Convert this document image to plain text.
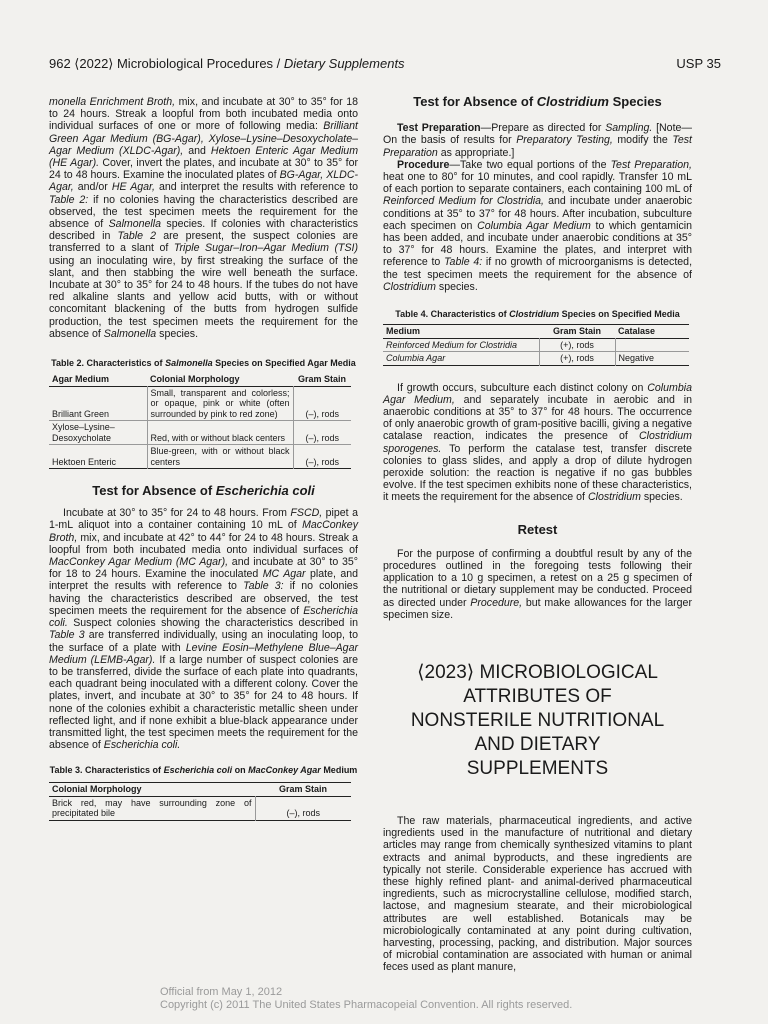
962 ⟨2022⟩ Microbiological Procedures / Dietary Supplements	USP 35

monella Enrichment Broth, mix, and incubate at 30° to 35° for 18 to 24 hours. Streak a loopful from both incubated media onto individual surfaces of one or more of following media: Brilliant Green Agar Medium (BG-Agar), Xylose–Lysine–Desoxycholate–Agar Medium (XLDC-Agar), and Hektoen Enteric Agar Medium (HE Agar). Cover, invert the plates, and incubate at 30° to 35° for 24 to 48 hours. Examine the inoculated plates of BG-Agar, XLDC-Agar, and/or HE Agar, and interpret the results with reference to Table 2: if no colonies having the characteristics described are observed, the test specimen meets the requirement for the absence of Salmonella species. If colonies with characteristics described in Table 2 are present, the suspect colonies are transferred to a slant of Triple Sugar–Iron–Agar Medium (TSI) using an inoculating wire, by first streaking the surface of the slant, and then stabbing the wire well beneath the surface. Incubate at 30° to 35° for 24 to 48 hours. If the tubes do not have red alkaline slants and yellow acid butts, with or without concomitant blackening of the butts from hydrogen sulfide production, the test specimen meets the requirement for the absence of Salmonella species.

Table 2. Characteristics of Salmonella Species on Specified Agar Media
Agar Medium	Colonial Morphology	Gram Stain
Brilliant Green	Small, transparent and colorless; or opaque, pink or white (often surrounded by pink to red zone)	(–), rods
Xylose–Lysine–Desoxycholate	Red, with or without black centers	(–), rods
Hektoen Enteric	Blue-green, with or without black centers	(–), rods
Test for Absence of Escherichia coli

Incubate at 30° to 35° for 24 to 48 hours. From FSCD, pipet a 1-mL aliquot into a container containing 10 mL of MacConkey Broth, mix, and incubate at 42° to 44° for 24 to 48 hours. Streak a loopful from both incubated media onto individual surfaces of MacConkey Agar Medium (MC Agar), and incubate at 30° to 35° for 18 to 24 hours. Examine the inoculated MC Agar plate, and interpret the results with reference to Table 3: if no colonies having the characteristics described are observed, the test specimen meets the requirement for the absence of Escherichia coli. Suspect colonies showing the characteristics described in Table 3 are transferred individually, using an inoculating loop, to the surface of a plate with Levine Eosin–Methylene Blue–Agar Medium (LEMB-Agar). If a large number of suspect colonies are to be transferred, divide the surface of each plate into quadrants, each quadrant being inoculated with a different colony. Cover the plates, invert, and incubate at 30° to 35° for 24 to 48 hours. If none of the colonies exhibit a characteristic metallic sheen under reflected light, and if none exhibit a blue-black appearance under transmitted light, the test specimen meets the requirement for the absence of Escherichia coli.

Table 3. Characteristics of Escherichia coli on MacConkey Agar Medium
Colonial Morphology	Gram Stain
Brick red, may have surrounding zone of precipitated bile	(–), rods
Test for Absence of Clostridium Species

Test Preparation—Prepare as directed for Sampling. [Note—On the basis of results for Preparatory Testing, modify the Test Preparation as appropriate.]

Procedure—Take two equal portions of the Test Preparation, heat one to 80° for 10 minutes, and cool rapidly. Transfer 10 mL of each portion to separate containers, each containing 100 mL of Reinforced Medium for Clostridia, and incubate under anaerobic conditions at 35° to 37° for 48 hours. After incubation, subculture each specimen on Columbia Agar Medium to which gentamicin has been added, and incubate under anaerobic conditions at 35° to 37° for 48 hours. Examine the plates, and interpret with reference to Table 4: if no growth of microorganisms is detected, the test specimen meets the requirement for the absence of Clostridium species.

Table 4. Characteristics of Clostridium Species on Specified Media
Medium	Gram Stain	Catalase
Reinforced Medium for Clostridia	(+), rods	
Columbia Agar	(+), rods	Negative

If growth occurs, subculture each distinct colony on Columbia Agar Medium, and separately incubate in aerobic and in anaerobic conditions at 35° to 37° for 48 hours. The occurrence of only anaerobic growth of gram-positive bacilli, giving a negative catalase reaction, indicates the presence of Clostridium sporogenes. To perform the catalase test, transfer discrete colonies to glass slides, and apply a drop of dilute hydrogen peroxide solution: the reaction is negative if no gas bubbles evolve. If the test specimen exhibits none of these characteristics, it meets the requirement for the absence of Clostridium species.

Retest

For the purpose of confirming a doubtful result by any of the procedures outlined in the foregoing tests following their application to a 10 g specimen, a retest on a 25 g specimen of the nutritional or dietary supplement may be conducted. Proceed as directed under Procedure, but make allowances for the larger specimen size.

⟨2023⟩ MICROBIOLOGICAL ATTRIBUTES OF NONSTERILE NUTRITIONAL AND DIETARY SUPPLEMENTS

The raw materials, pharmaceutical ingredients, and active ingredients used in the manufacture of nutritional and dietary articles may range from chemically synthesized vitamins to plant extracts and animal byproducts, and these ingredients are typically not sterile. Considerable experience has accrued with these highly refined plant- and animal-derived pharmaceutical ingredients, such as microcrystalline cellulose, modified starch, lactose, and magnesium stearate, and their microbiological attributes are well established. Botanicals may be microbiologically contaminated at any point during cultivation, harvesting, processing, packing, and distribution. Major sources of microbial contamination are associated with human or animal feces used as plant manure,

Official from May 1, 2012
Copyright (c) 2011 The United States Pharmacopeial Convention. All rights reserved.
